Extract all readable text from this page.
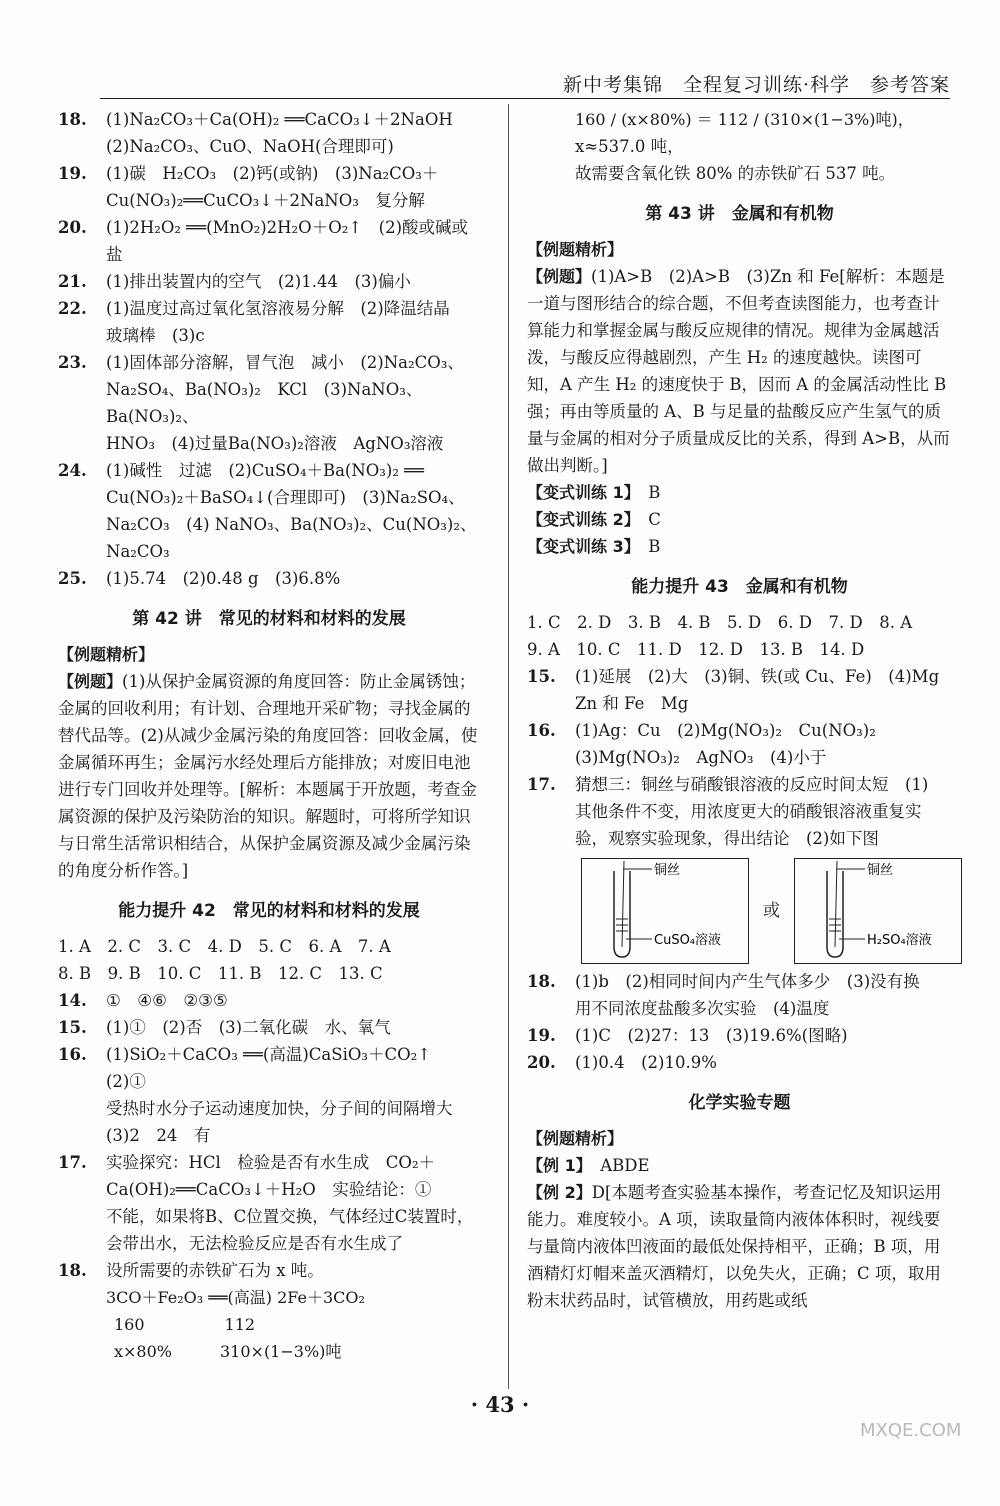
新中考集锦　全程复习训练·科学　参考答案
18.	(1)Na₂CO₃＋Ca(OH)₂ ══CaCO₃↓＋2NaOH
(2)Na₂CO₃、CuO、NaOH(合理即可)
19.	(1)碳　H₂CO₃　(2)钙(或钠)　(3)Na₂CO₃＋
Cu(NO₃)₂══CuCO₃↓＋2NaNO₃　复分解
20.	(1)2H₂O₂ ══(MnO₂)2H₂O＋O₂↑　(2)酸或碱或盐
21.	(1)排出装置内的空气　(2)1.44　(3)偏小
22.	(1)温度过高过氧化氢溶液易分解　(2)降温结晶
玻璃棒　(3)c
23.	(1)固体部分溶解，冒气泡　减小　(2)Na₂CO₃、
Na₂SO₄、Ba(NO₃)₂　KCl　(3)NaNO₃、Ba(NO₃)₂、
HNO₃　(4)过量Ba(NO₃)₂溶液　AgNO₃溶液
24.	(1)碱性　过滤　(2)CuSO₄＋Ba(NO₃)₂ ══
Cu(NO₃)₂＋BaSO₄↓(合理即可)　(3)Na₂SO₄、
Na₂CO₃　(4) NaNO₃、Ba(NO₃)₂、Cu(NO₃)₂、
Na₂CO₃
25.	(1)5.74　(2)0.48 g　(3)6.8%
第 42 讲　常见的材料和材料的发展
【例题精析】
【例题】(1)从保护金属资源的角度回答：防止金属锈蚀；金属的回收利用；有计划、合理地开采矿物；寻找金属的替代品等。(2)从减少金属污染的角度回答：回收金属，使金属循环再生；金属污水经处理后方能排放；对废旧电池进行专门回收并处理等。[解析：本题属于开放题，考查金属资源的保护及污染防治的知识。解题时，可将所学知识与日常生活常识相结合，从保护金属资源及减少金属污染的角度分析作答。]
能力提升 42　常见的材料和材料的发展
1. A　2. C　3. C　4. D　5. C　6. A　7. A
8. B　9. B　10. C　11. B　12. C　13. C
14.	①　④⑥　②③⑤
15.	(1)①　(2)否　(3)二氧化碳　水、氧气
16.	(1)SiO₂＋CaCO₃ ══(高温)CaSiO₃＋CO₂↑　(2)①
受热时水分子运动速度加快，分子间的间隔增大
(3)2　24　有
17.	实验探究：HCl　检验是否有水生成　CO₂＋
Ca(OH)₂══CaCO₃↓＋H₂O　实验结论：①
不能，如果将B、C位置交换，气体经过C装置时，
会带出水，无法检验反应是否有水生成了
18.	设所需要的赤铁矿石为 x 吨。
3CO＋Fe₂O₃ ══(高温) 2Fe＋3CO₂
160　　　　　112
x×80%　　　310×(1−3%)吨
160 / (x×80%) ＝ 112 / (310×(1−3%)吨)，
x≈537.0 吨，
故需要含氧化铁 80% 的赤铁矿石 537 吨。
第 43 讲　金属和有机物
【例题精析】
【例题】(1)A>B　(2)A>B　(3)Zn 和 Fe[解析：本题是一道与图形结合的综合题，不但考查读图能力，也考查计算能力和掌握金属与酸反应规律的情况。规律为金属越活泼，与酸反应得越剧烈，产生 H₂ 的速度越快。读图可知，A 产生 H₂ 的速度快于 B，因而 A 的金属活动性比 B 强；再由等质量的 A、B 与足量的盐酸反应产生氢气的质量与金属的相对分子质量成反比的关系，得到 A>B，从而做出判断。]
【变式训练 1】　 B
【变式训练 2】　 C
【变式训练 3】　 B
能力提升 43　金属和有机物
1. C　2. D　3. B　4. B　5. D　6. D　7. D　8. A
9. A　10. C　11. D　12. D　13. B　14. D
15.	(1)延展　(2)大　(3)铜、铁(或 Cu、Fe)　(4)Mg
Zn 和 Fe　Mg
16.	(1)Ag：Cu　(2)Mg(NO₃)₂　Cu(NO₃)₂
(3)Mg(NO₃)₂　AgNO₃　(4)小于
17.	猜想三：铜丝与硝酸银溶液的反应时间太短　(1)
其他条件不变，用浓度更大的硝酸银溶液重复实
验，观察实验现象，得出结论　(2)如下图
铜丝
CuSO₄溶液
或
铜丝
H₂SO₄溶液
18.	(1)b　(2)相同时间内产生气体多少　(3)没有换
用不同浓度盐酸多次实验　(4)温度
19.	(1)C　(2)27：13　(3)19.6%(图略)
20.	(1)0.4　(2)10.9%
化学实验专题
【例题精析】
【例 1】　 ABDE
【例 2】D[本题考查实验基本操作，考查记忆及知识运用能力。难度较小。A 项，读取量筒内液体体积时，视线要与量筒内液体凹液面的最低处保持相平，正确；B 项，用酒精灯灯帽来盖灭酒精灯，以免失火，正确；C 项，取用粉末状药品时，试管横放，用药匙或纸
· 43 ·
MXQE.COM
